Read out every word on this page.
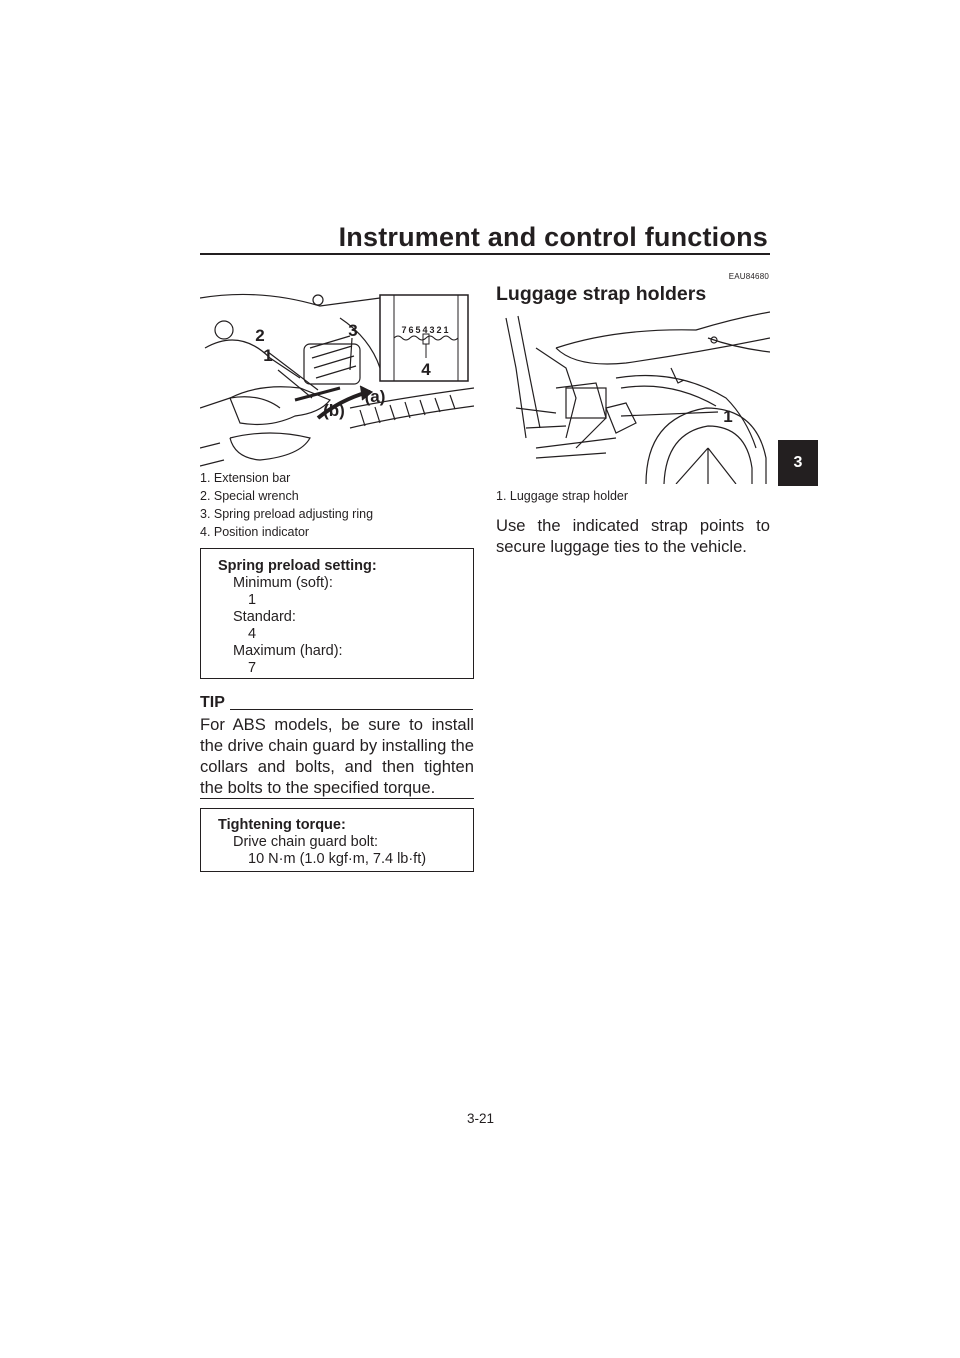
Instrument and control functions
3
7654321
4
2
1
3
(a)
(b)
1. Extension bar
2. Special wrench
3. Spring preload adjusting ring
4. Position indicator
Spring preload setting:
Minimum (soft):
1
Standard:
4
Maximum (hard):
7
TIP
For ABS models, be sure to install the drive chain guard by installing the collars and bolts, and then tighten the bolts to the specified torque.
Tightening torque:
Drive chain guard bolt:
10 N·m (1.0 kgf·m, 7.4 lb·ft)
EAU84680
Luggage strap holders
1
1. Luggage strap holder
Use the indicated strap points to secure luggage ties to the vehicle.
3-21
